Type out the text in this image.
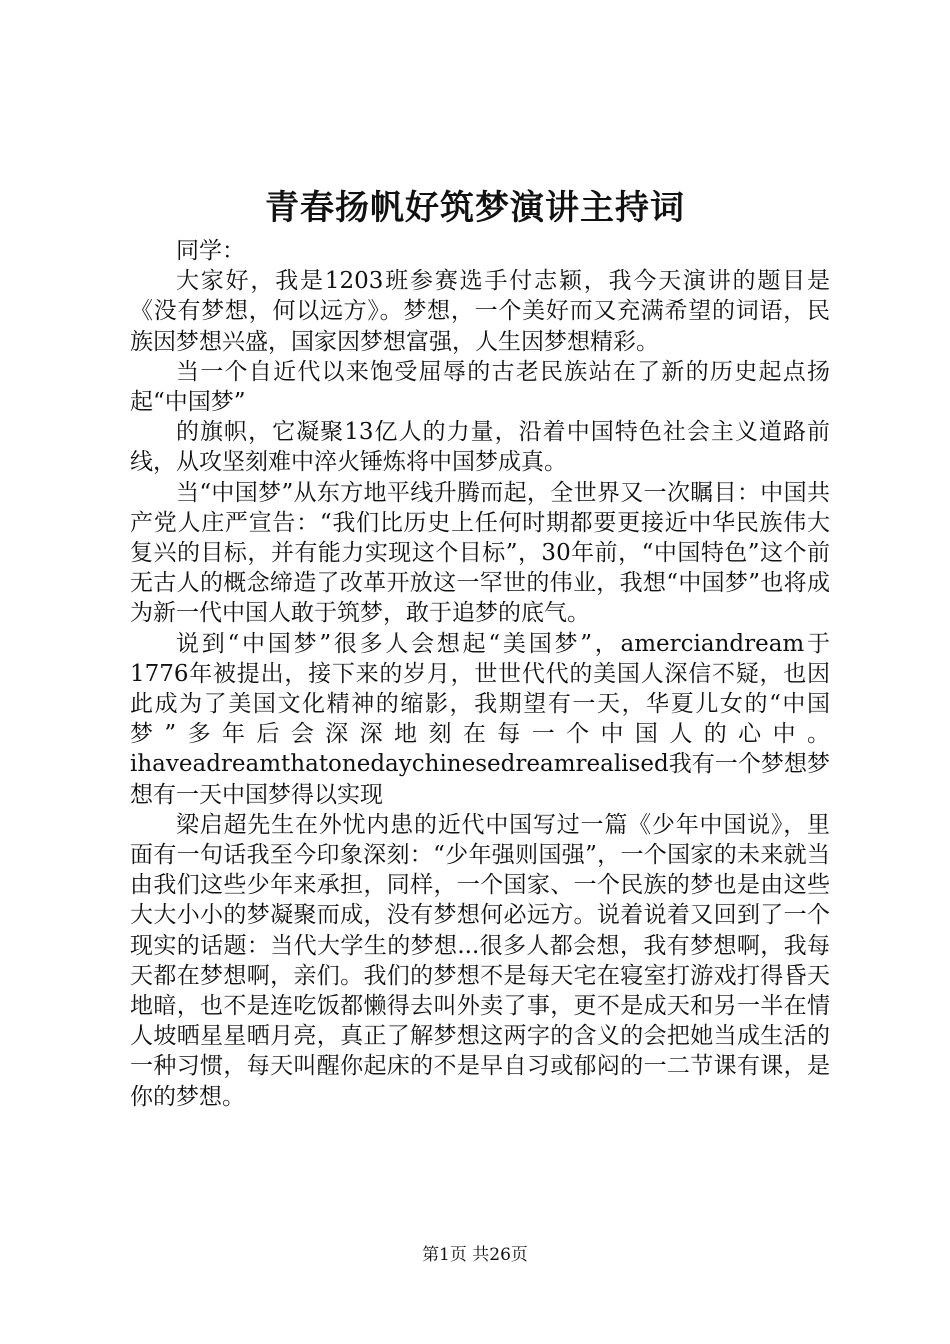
青春扬帆好筑梦演讲主持词

同学：

大家好，我是1203班参赛选手付志颖，我今天演讲的题目是《没有梦想，何以远方》。梦想，一个美好而又充满希望的词语，民族因梦想兴盛，国家因梦想富强，人生因梦想精彩。

当一个自近代以来饱受屈辱的古老民族站在了新的历史起点扬起“中国梦”

的旗帜，它凝聚13亿人的力量，沿着中国特色社会主义道路前线，从攻坚刻难中淬火锤炼将中国梦成真。

当“中国梦”从东方地平线升腾而起，全世界又一次瞩目：中国共产党人庄严宣告：“我们比历史上任何时期都要更接近中华民族伟大复兴的目标，并有能力实现这个目标”，30年前，“中国特色”这个前无古人的概念缔造了改革开放这一罕世的伟业，我想“中国梦”也将成为新一代中国人敢于筑梦，敢于追梦的底气。

说到“中国梦”很多人会想起“美国梦”，amerciandream于1776年被提出，接下来的岁月，世世代代的美国人深信不疑，也因此成为了美国文化精神的缩影，我期望有一天，华夏儿女的“中国梦”多年后会深深地刻在每一个中国人的心中。ihaveadreamthatonedaychinesedreamrealised我有一个梦想梦想有一天中国梦得以实现

梁启超先生在外忧内患的近代中国写过一篇《少年中国说》，里面有一句话我至今印象深刻：“少年强则国强”，一个国家的未来就当由我们这些少年来承担，同样，一个国家、一个民族的梦也是由这些大大小小的梦凝聚而成，没有梦想何必远方。说着说着又回到了一个现实的话题：当代大学生的梦想...很多人都会想，我有梦想啊，我每天都在梦想啊，亲们。我们的梦想不是每天宅在寝室打游戏打得昏天地暗，也不是连吃饭都懒得去叫外卖了事，更不是成天和另一半在情人坡晒星星晒月亮，真正了解梦想这两字的含义的会把她当成生活的一种习惯，每天叫醒你起床的不是早自习或郁闷的一二节课有课，是你的梦想。

第1页 共26页
